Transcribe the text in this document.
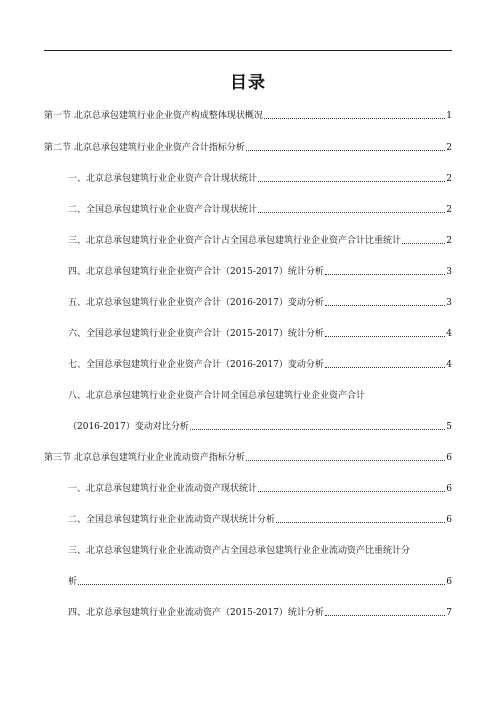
目录
第一节 北京总承包建筑行业企业资产构成整体现状概况	1
第二节 北京总承包建筑行业企业资产合计指标分析	2
一、北京总承包建筑行业企业资产合计现状统计	2
二、全国总承包建筑行业企业资产合计现状统计	2
三、北京总承包建筑行业企业资产合计占全国总承包建筑行业企业资产合计比重统计	2
四、北京总承包建筑行业企业资产合计（2015-2017）统计分析	3
五、北京总承包建筑行业企业资产合计（2016-2017）变动分析	3
六、全国总承包建筑行业企业资产合计（2015-2017）统计分析	4
七、全国总承包建筑行业企业资产合计（2016-2017）变动分析	4
八、北京总承包建筑行业企业资产合计同全国总承包建筑行业企业资产合计
（2016-2017）变动对比分析	5
第三节 北京总承包建筑行业企业流动资产指标分析	6
一、北京总承包建筑行业企业流动资产现状统计	6
二、全国总承包建筑行业企业流动资产现状统计分析	6
三、北京总承包建筑行业企业流动资产占全国总承包建筑行业企业流动资产比重统计分
析	6
四、北京总承包建筑行业企业流动资产（2015-2017）统计分析	7
